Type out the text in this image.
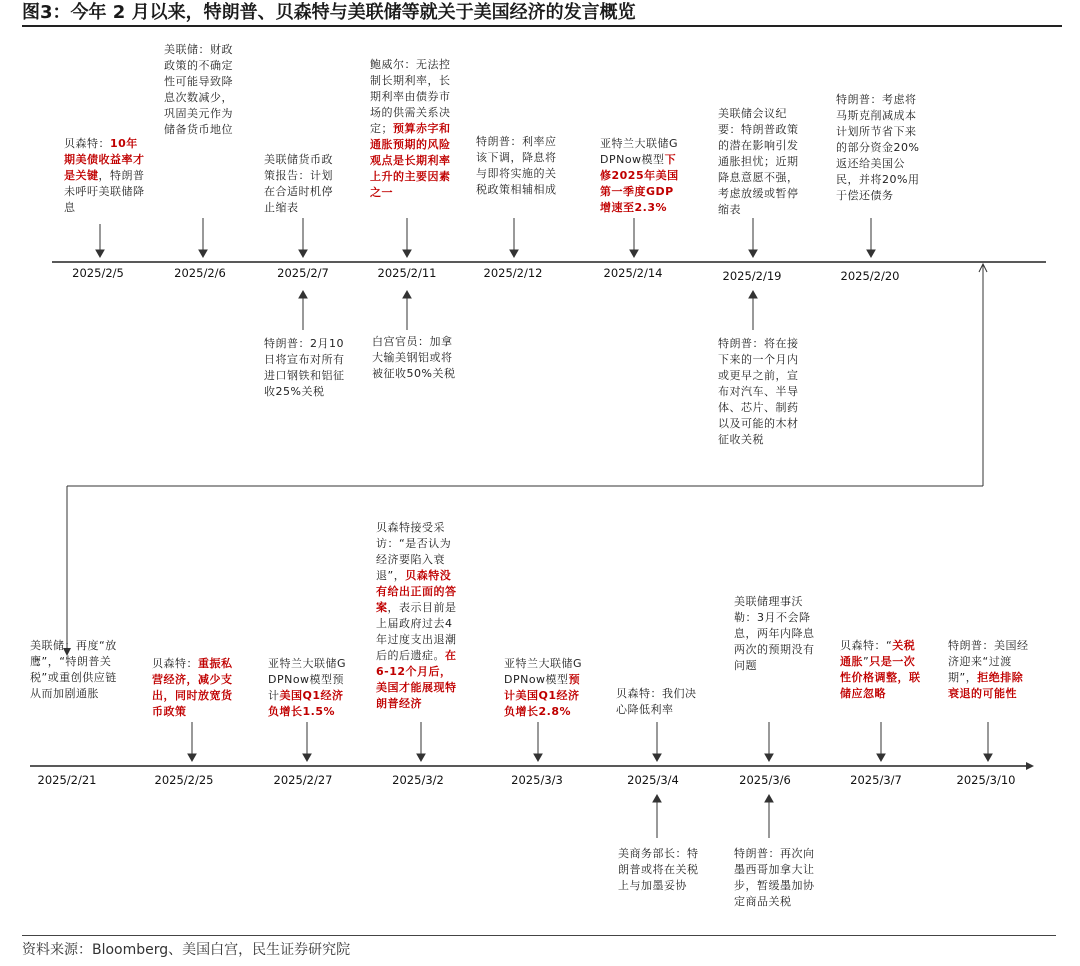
图3：今年 2 月以来，特朗普、贝森特与美联储等就关于美国经济的发言概览
2025/2/5	2025/2/6	2025/2/7	2025/2/11	2025/2/12	2025/2/14	2025/2/19	2025/2/20
贝森特：10年期美债收益率才是关键，特朗普未呼吁美联储降息
美联储：财政政策的不确定性可能导致降息次数减少，巩固美元作为储备货币地位
美联储货币政策报告：计划在合适时机停止缩表
鲍威尔：无法控制长期利率，长期利率由债券市场的供需关系决定；预算赤字和通胀预期的风险观点是长期利率上升的主要因素之一
特朗普：利率应该下调，降息将与即将实施的关税政策相辅相成
亚特兰大联储GDPNow模型下修2025年美国第一季度GDP增速至2.3%
美联储会议纪要：特朗普政策的潜在影响引发通胀担忧；近期降息意愿不强，考虑放缓或暂停缩表
特朗普：考虑将马斯克削减成本计划所节省下来的部分资金20%返还给美国公民，并将20%用于偿还债务
特朗普：2月10日将宣布对所有进口钢铁和铝征收25%关税
白宫官员：加拿大输美钢铝或将被征收50%关税
特朗普：将在接下来的一个月内或更早之前，宣布对汽车、半导体、芯片、制药以及可能的木材征收关税
2025/2/21	2025/2/25	2025/2/27	2025/3/2	2025/3/3	2025/3/4	2025/3/6	2025/3/7	2025/3/10
美联储：再度“放鹰”，“特朗普关税”或重创供应链从而加剧通胀
贝森特：重振私营经济，减少支出，同时放宽货币政策
亚特兰大联储GDPNow模型预计美国Q1经济负增长1.5%
贝森特接受采访：“是否认为经济要陷入衰退”，贝森特没有给出正面的答案，表示目前是上届政府过去4年过度支出退潮后的后遗症。在6-12个月后，美国才能展现特朗普经济
亚特兰大联储GDPNow模型预计美国Q1经济负增长2.8%
贝森特：我们决心降低利率
美联储理事沃勒：3月不会降息，两年内降息两次的预期没有问题
贝森特：“关税通胀”只是一次性价格调整，联储应忽略
特朗普：美国经济迎来“过渡期”，拒绝排除衰退的可能性
美商务部长：特朗普或将在关税上与加墨妥协
特朗普：再次向墨西哥加拿大让步，暂缓墨加协定商品关税
资料来源：Bloomberg、美国白宫，民生证券研究院
